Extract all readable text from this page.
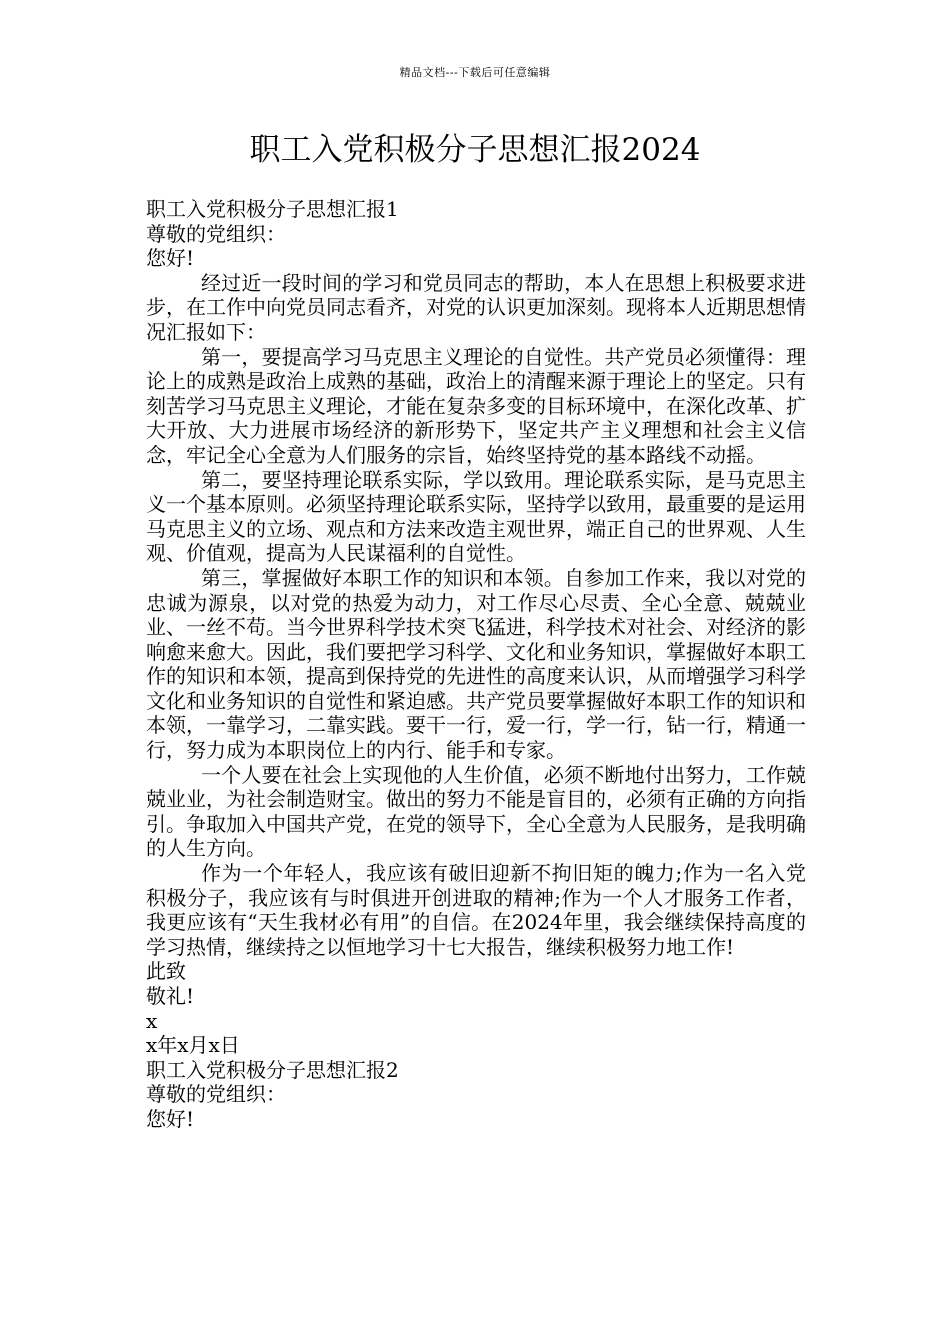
精品文档---下载后可任意编辑
职工入党积极分子思想汇报2024

职工入党积极分子思想汇报1

尊敬的党组织：

您好!

经过近一段时间的学习和党员同志的帮助，本人在思想上积极要求进步，在工作中向党员同志看齐，对党的认识更加深刻。现将本人近期思想情况汇报如下：

第一，要提高学习马克思主义理论的自觉性。共产党员必须懂得：理论上的成熟是政治上成熟的基础，政治上的清醒来源于理论上的坚定。只有刻苦学习马克思主义理论，才能在复杂多变的目标环境中，在深化改革、扩大开放、大力进展市场经济的新形势下，坚定共产主义理想和社会主义信念，牢记全心全意为人们服务的宗旨，始终坚持党的基本路线不动摇。

第二，要坚持理论联系实际，学以致用。理论联系实际，是马克思主义一个基本原则。必须坚持理论联系实际，坚持学以致用，最重要的是运用马克思主义的立场、观点和方法来改造主观世界，端正自己的世界观、人生观、价值观，提高为人民谋福利的自觉性。

第三，掌握做好本职工作的知识和本领。自参加工作来，我以对党的忠诚为源泉，以对党的热爱为动力，对工作尽心尽责、全心全意、兢兢业业、一丝不苟。当今世界科学技术突飞猛进，科学技术对社会、对经济的影响愈来愈大。因此，我们要把学习科学、文化和业务知识，掌握做好本职工作的知识和本领，提高到保持党的先进性的高度来认识，从而增强学习科学文化和业务知识的自觉性和紧迫感。共产党员要掌握做好本职工作的知识和本领，一靠学习，二靠实践。要干一行，爱一行，学一行，钻一行，精通一行，努力成为本职岗位上的内行、能手和专家。

一个人要在社会上实现他的人生价值，必须不断地付出努力，工作兢兢业业，为社会制造财宝。做出的努力不能是盲目的，必须有正确的方向指引。争取加入中国共产党，在党的领导下，全心全意为人民服务，是我明确的人生方向。

作为一个年轻人，我应该有破旧迎新不拘旧矩的魄力;作为一名入党积极分子，我应该有与时俱进开创进取的精神;作为一个人才服务工作者，我更应该有“天生我材必有用”的自信。在2024年里，我会继续保持高度的学习热情，继续持之以恒地学习十七大报告，继续积极努力地工作!

此致

敬礼!

x

x年x月x日

职工入党积极分子思想汇报2

尊敬的党组织：

您好!
